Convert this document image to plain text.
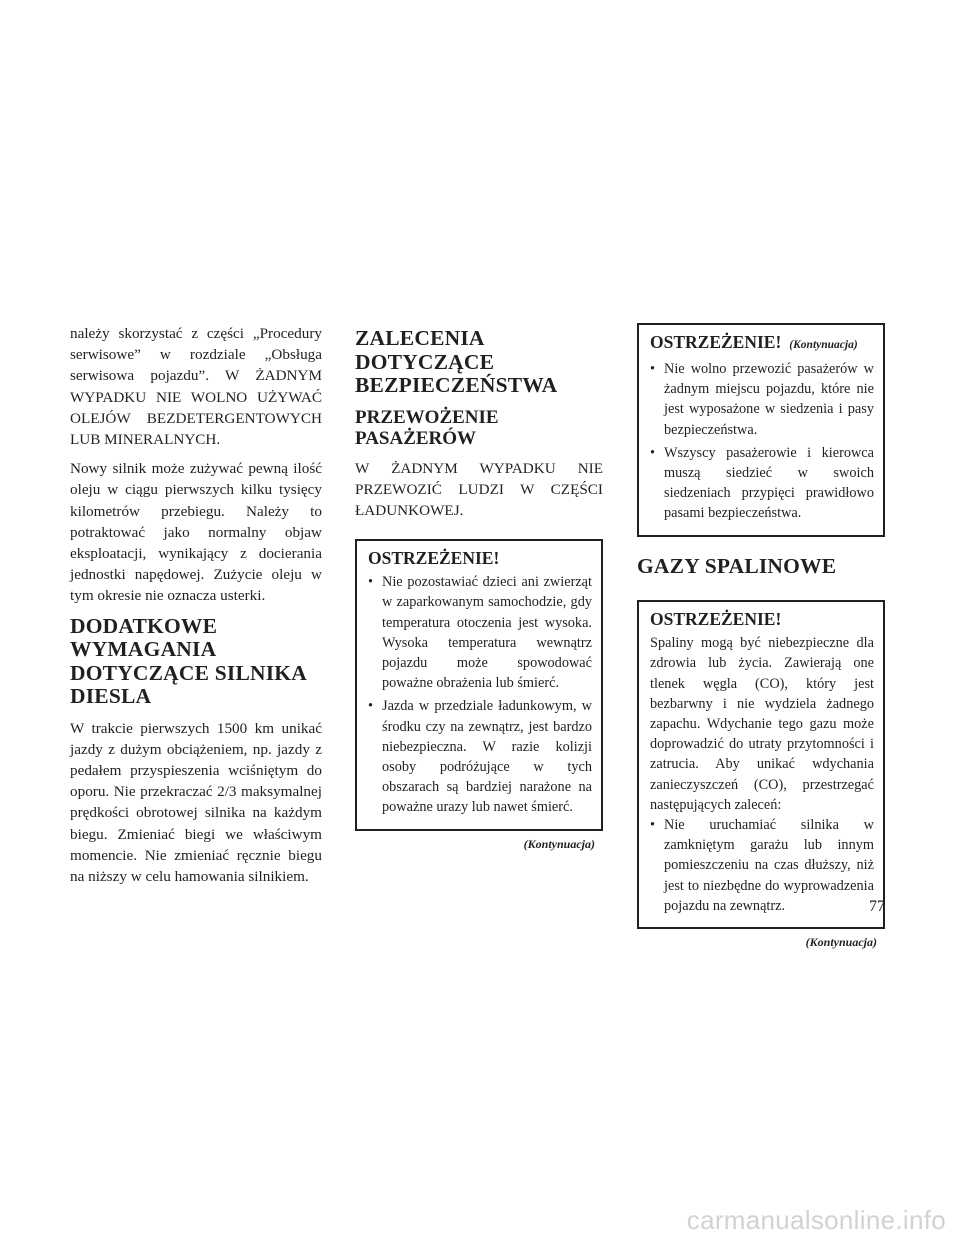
należy skorzystać z części „Procedury serwisowe” w rozdziale „Obsługa serwisowa pojazdu”. W ŻADNYM WYPADKU NIE WOLNO UŻYWAĆ OLEJÓW BEZDETERGENTOWYCH LUB MINERALNYCH.

Nowy silnik może zużywać pewną ilość oleju w ciągu pierwszych kilku tysięcy kilometrów przebiegu. Należy to potraktować jako normalny objaw eksploatacji, wynikający z docierania jednostki napędowej. Zużycie oleju w tym okresie nie oznacza usterki.

DODATKOWE WYMAGANIA DOTYCZĄCE SILNIKA DIESLA

W trakcie pierwszych 1500 km unikać jazdy z dużym obciążeniem, np. jazdy z pedałem przyspieszenia wciśniętym do oporu. Nie przekraczać 2/3 maksymalnej prędkości obrotowej silnika na każdym biegu. Zmieniać biegi we właściwym momencie. Nie zmieniać ręcznie biegu na niższy w celu hamowania silnikiem.

ZALECENIA DOTYCZĄCE BEZPIECZEŃSTWA
PRZEWOŻENIE PASAŻERÓW

W ŻADNYM WYPADKU NIE PRZEWOZIĆ LUDZI W CZĘŚCI ŁADUNKOWEJ.

OSTRZEŻENIE!
• Nie pozostawiać dzieci ani zwierząt w zaparkowanym samochodzie, gdy temperatura otoczenia jest wysoka. Wysoka temperatura wewnątrz pojazdu może spowodować poważne obrażenia lub śmierć.
• Jazda w przedziale ładunkowym, w środku czy na zewnątrz, jest bardzo niebezpieczna. W razie kolizji osoby podróżujące w tych obszarach są bardziej narażone na poważne urazy lub nawet śmierć.
(Kontynuacja)
OSTRZEŻENIE! (Kontynuacja)
• Nie wolno przewozić pasażerów w żadnym miejscu pojazdu, które nie jest wyposażone w siedzenia i pasy bezpieczeństwa.
• Wszyscy pasażerowie i kierowca muszą siedzieć w swoich siedzeniach przypięci prawidłowo pasami bezpieczeństwa.
GAZY SPALINOWE
OSTRZEŻENIE!

Spaliny mogą być niebezpieczne dla zdrowia lub życia. Zawierają one tlenek węgla (CO), który jest bezbarwny i nie wydziela żadnego zapachu. Wdychanie tego gazu może doprowadzić do utraty przytomności i zatrucia. Aby unikać wdychania zanieczyszczeń (CO), przestrzegać następujących zaleceń:

• Nie uruchamiać silnika w zamkniętym garażu lub innym pomieszczeniu na czas dłuższy, niż jest to niezbędne do wyprowadzenia pojazdu na zewnątrz.
(Kontynuacja)
77
carmanualsonline.info
